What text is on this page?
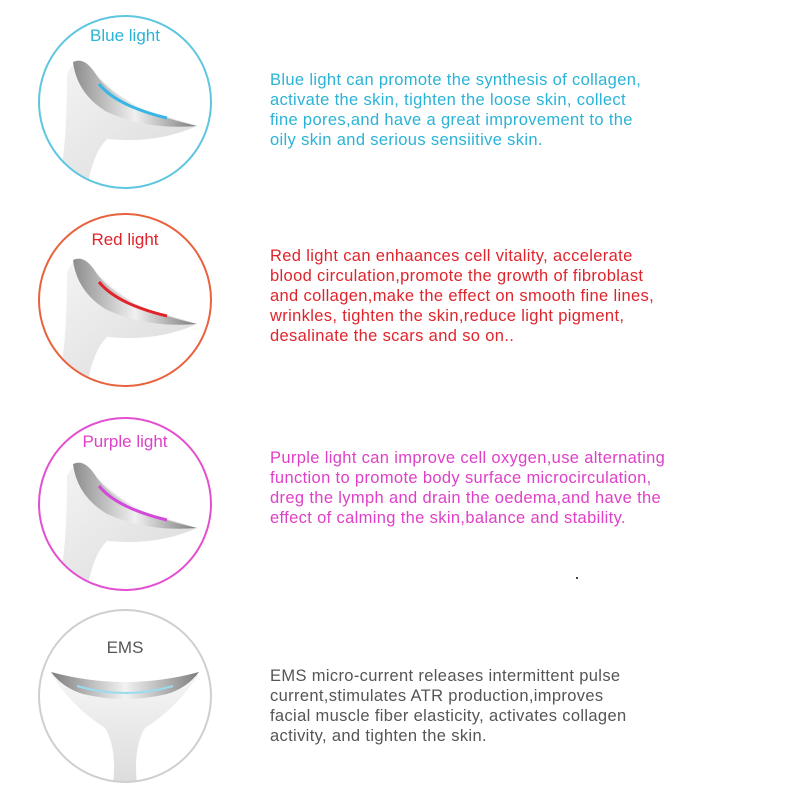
Blue light
Blue light can promote the synthesis of collagen,
activate the skin, tighten the loose skin, collect
fine pores,and have a great improvement to the
oily skin and serious sensiitive skin.
Red light
Red light can enhaances cell vitality, accelerate
blood circulation,promote the growth of fibroblast
and collagen,make the effect on smooth fine lines,
wrinkles, tighten the skin,reduce light pigment,
desalinate the scars and so on..
Purple light
Purple light can improve cell oxygen,use alternating
function to promote body surface microcirculation,
dreg the lymph and drain the oedema,and have the
effect of calming the skin,balance and stability.
EMS
EMS micro-current releases intermittent pulse
current,stimulates ATR production,improves
facial muscle fiber elasticity, activates collagen
activity, and tighten the skin.
